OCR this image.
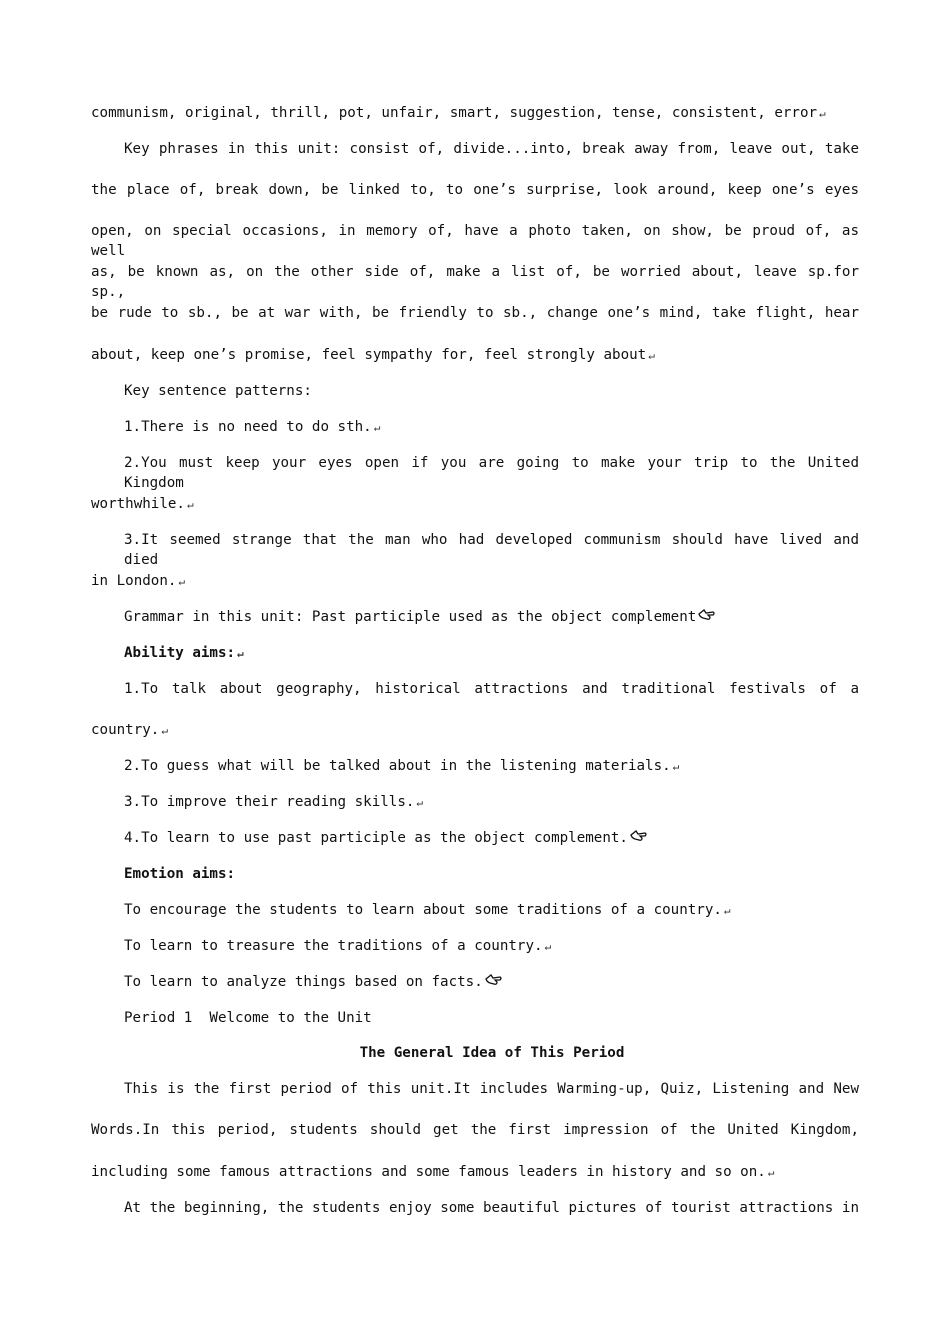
communism, original, thrill, pot, unfair, smart, suggestion, tense, consistent, error ↵
Key phrases in this unit: consist of, divide...into, break away from, leave out, take
the place of, break down, be linked to, to one’s surprise, look around, keep one’s eyes
open, on special occasions, in memory of, have a photo taken, on show, be proud of, as well
as, be known as, on the other side of, make a list of, be worried about, leave sp.for sp.,
be rude to sb., be at war with, be friendly to sb., change one’s mind, take flight, hear
about, keep one’s promise, feel sympathy for, feel strongly about ↵
Key sentence patterns:
1.There is no need to do sth. ↵
2.You must keep your eyes open if you are going to make your trip to the United Kingdom
worthwhile. ↵
3.It seemed strange that the man who had developed communism should have lived and died
in London. ↵
Grammar in this unit: Past participle used as the object complement
Ability aims: ↵
1.To talk about geography, historical attractions and traditional festivals of a
country. ↵
2.To guess what will be talked about in the listening materials. ↵
3.To improve their reading skills. ↵
4.To learn to use past participle as the object complement.
Emotion aims:
To encourage the students to learn about some traditions of a country. ↵
To learn to treasure the traditions of a country. ↵
To learn to analyze things based on facts.
Period 1  Welcome to the Unit
The General Idea of This Period
This is the first period of this unit.It includes Warming-up, Quiz, Listening and New
Words.In this period, students should get the first impression of the United Kingdom,
including some famous attractions and some famous leaders in history and so on. ↵
At the beginning, the students enjoy some beautiful pictures of tourist attractions in
